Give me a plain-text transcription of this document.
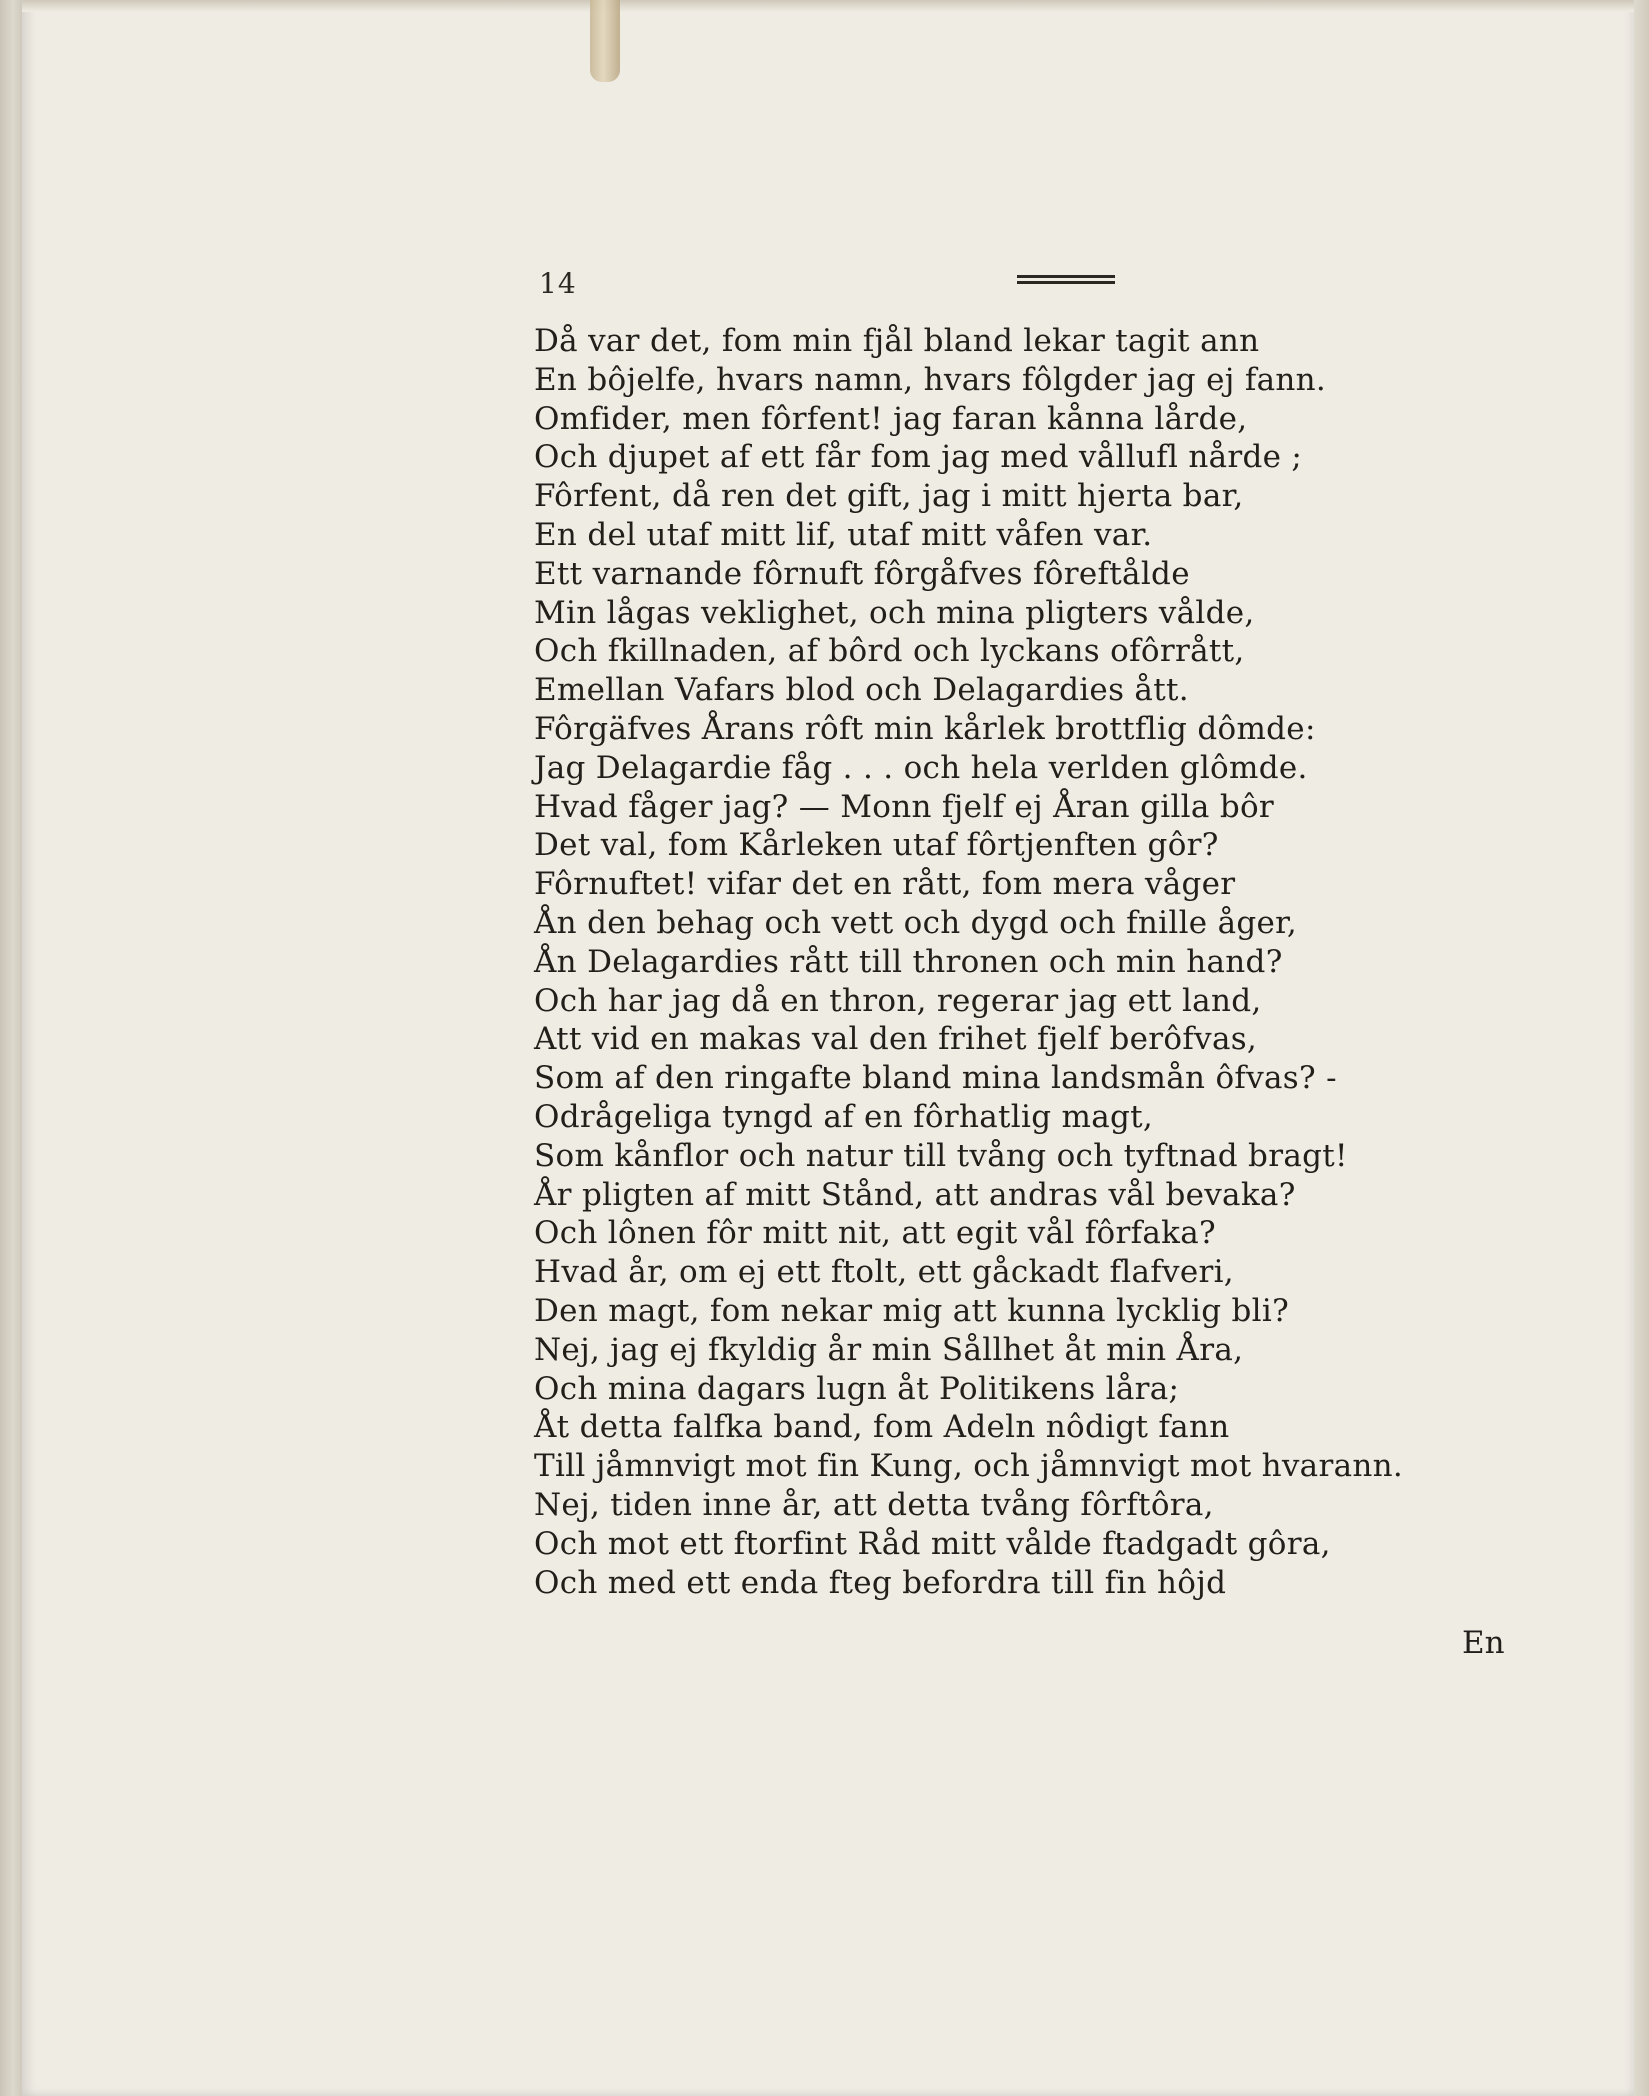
14
Då var det, fom min fjål bland lekar tagit ann
En bôjelfe, hvars namn, hvars fôlgder jag ej fann.
Omfider, men fôrfent! jag faran kånna lårde,
Och djupet af ett får fom jag med vållufl nårde ;
Fôrfent, då ren det gift, jag i mitt hjerta bar,
En del utaf mitt lif, utaf mitt våfen var.
Ett varnande fôrnuft fôrgåfves fôreftålde
Min lågas veklighet, och mina pligters vålde,
Och fkillnaden, af bôrd och lyckans ofôrrått,
Emellan Vafars blod och Delagardies ått.
Fôrgäfves Årans rôft min kårlek brottflig dômde:
Jag Delagardie fåg . . . och hela verlden glômde.
Hvad fåger jag? — Monn fjelf ej Åran gilla bôr
Det val, fom Kårleken utaf fôrtjenften gôr?
Fôrnuftet! vifar det en rått, fom mera våger
Ån den behag och vett och dygd och fnille åger,
Ån Delagardies rått till thronen och min hand?
Och har jag då en thron, regerar jag ett land,
Att vid en makas val den frihet fjelf berôfvas,
Som af den ringafte bland mina landsmån ôfvas? -
Odrågeliga tyngd af en fôrhatlig magt,
Som kånflor och natur till tvång och tyftnad bragt!
År pligten af mitt Stånd, att andras vål bevaka?
Och lônen fôr mitt nit, att egit vål fôrfaka?
Hvad år, om ej ett ftolt, ett gåckadt flafveri,
Den magt, fom nekar mig att kunna lycklig bli?
Nej, jag ej fkyldig år min Sållhet åt min Åra,
Och mina dagars lugn åt Politikens låra;
Åt detta falfka band, fom Adeln nôdigt fann
Till jåmnvigt mot fin Kung, och jåmnvigt mot hvarann.
Nej, tiden inne år, att detta tvång fôrftôra,
Och mot ett ftorfint Råd mitt vålde ftadgadt gôra,
Och med ett enda fteg befordra till fin hôjd
En
